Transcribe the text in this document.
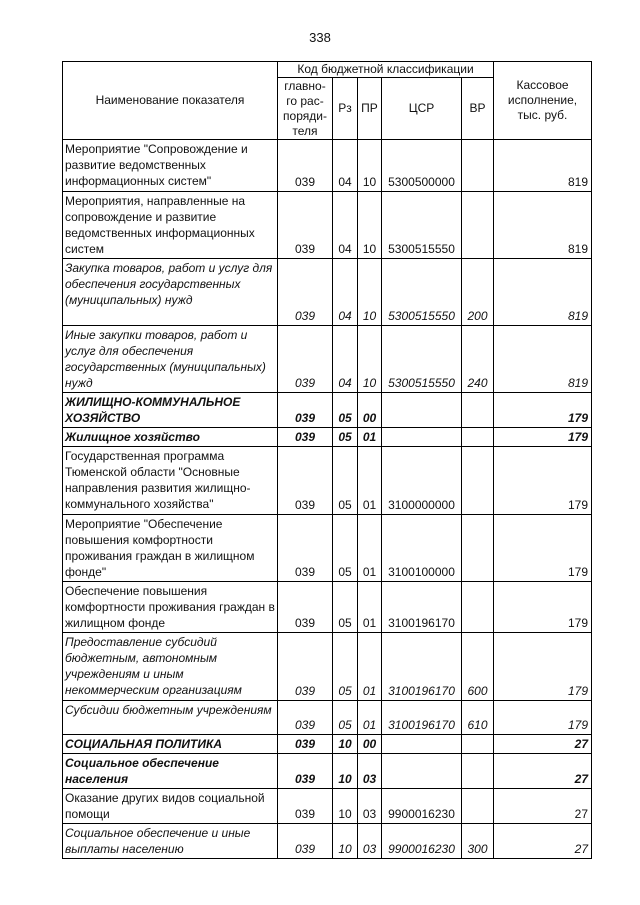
338
Наименование показателя	Код бюджетной классификации					Кассовое исполнение, тыс. руб.
	главно-го рас-поряди-теля	Рз	ПР	ЦСР	ВР	
Мероприятие "Сопровождение и развитие ведомственных информационных систем"	039	04	10	5300500000		819
Мероприятия, направленные на сопровождение и развитие ведомственных информационных систем	039	04	10	5300515550		819
Закупка товаров, работ и услуг для обеспечения государственных (муниципальных) нужд	039	04	10	5300515550	200	819
Иные закупки товаров, работ и услуг для обеспечения государственных (муниципальных) нужд	039	04	10	5300515550	240	819
ЖИЛИЩНО-КОММУНАЛЬНОЕ ХОЗЯЙСТВО	039	05	00			179
Жилищное хозяйство	039	05	01			179
Государственная программа Тюменской области "Основные направления развития жилищно-коммунального хозяйства"	039	05	01	3100000000		179
Мероприятие "Обеспечение повышения комфортности проживания граждан в жилищном фонде"	039	05	01	3100100000		179
Обеспечение повышения комфортности проживания граждан в жилищном фонде	039	05	01	3100196170		179
Предоставление субсидий бюджетным, автономным учреждениям и иным некоммерческим организациям	039	05	01	3100196170	600	179
Субсидии бюджетным учреждениям	039	05	01	3100196170	610	179
СОЦИАЛЬНАЯ ПОЛИТИКА	039	10	00			27
Социальное обеспечение населения	039	10	03			27
Оказание других видов социальной помощи	039	10	03	9900016230		27
Социальное обеспечение и иные выплаты населению	039	10	03	9900016230	300	27
